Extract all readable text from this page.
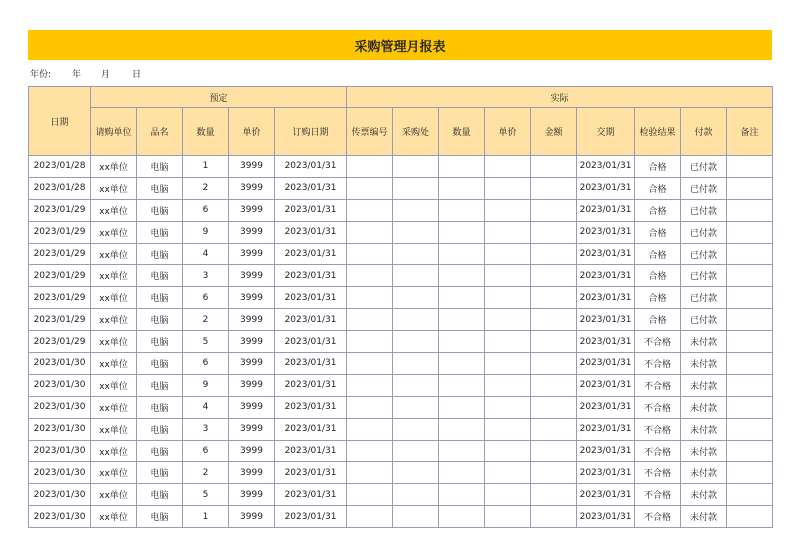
采购管理月报表
年份: 年 月 日
日期	预定					实际								
	请购单位	品名	数量	单价	订购日期	传票编号	采购处	数量	单价	金额	交期	检验结果	付款	备注
2023/01/28	xx单位	电脑	1	3999	2023/01/31						2023/01/31	合格	已付款	
2023/01/28	xx单位	电脑	2	3999	2023/01/31						2023/01/31	合格	已付款	
2023/01/29	xx单位	电脑	6	3999	2023/01/31						2023/01/31	合格	已付款	
2023/01/29	xx单位	电脑	9	3999	2023/01/31						2023/01/31	合格	已付款	
2023/01/29	xx单位	电脑	4	3999	2023/01/31						2023/01/31	合格	已付款	
2023/01/29	xx单位	电脑	3	3999	2023/01/31						2023/01/31	合格	已付款	
2023/01/29	xx单位	电脑	6	3999	2023/01/31						2023/01/31	合格	已付款	
2023/01/29	xx单位	电脑	2	3999	2023/01/31						2023/01/31	合格	已付款	
2023/01/29	xx单位	电脑	5	3999	2023/01/31						2023/01/31	不合格	未付款	
2023/01/30	xx单位	电脑	6	3999	2023/01/31						2023/01/31	不合格	未付款	
2023/01/30	xx单位	电脑	9	3999	2023/01/31						2023/01/31	不合格	未付款	
2023/01/30	xx单位	电脑	4	3999	2023/01/31						2023/01/31	不合格	未付款	
2023/01/30	xx单位	电脑	3	3999	2023/01/31						2023/01/31	不合格	未付款	
2023/01/30	xx单位	电脑	6	3999	2023/01/31						2023/01/31	不合格	未付款	
2023/01/30	xx单位	电脑	2	3999	2023/01/31						2023/01/31	不合格	未付款	
2023/01/30	xx单位	电脑	5	3999	2023/01/31						2023/01/31	不合格	未付款	
2023/01/30	xx单位	电脑	1	3999	2023/01/31						2023/01/31	不合格	未付款	
